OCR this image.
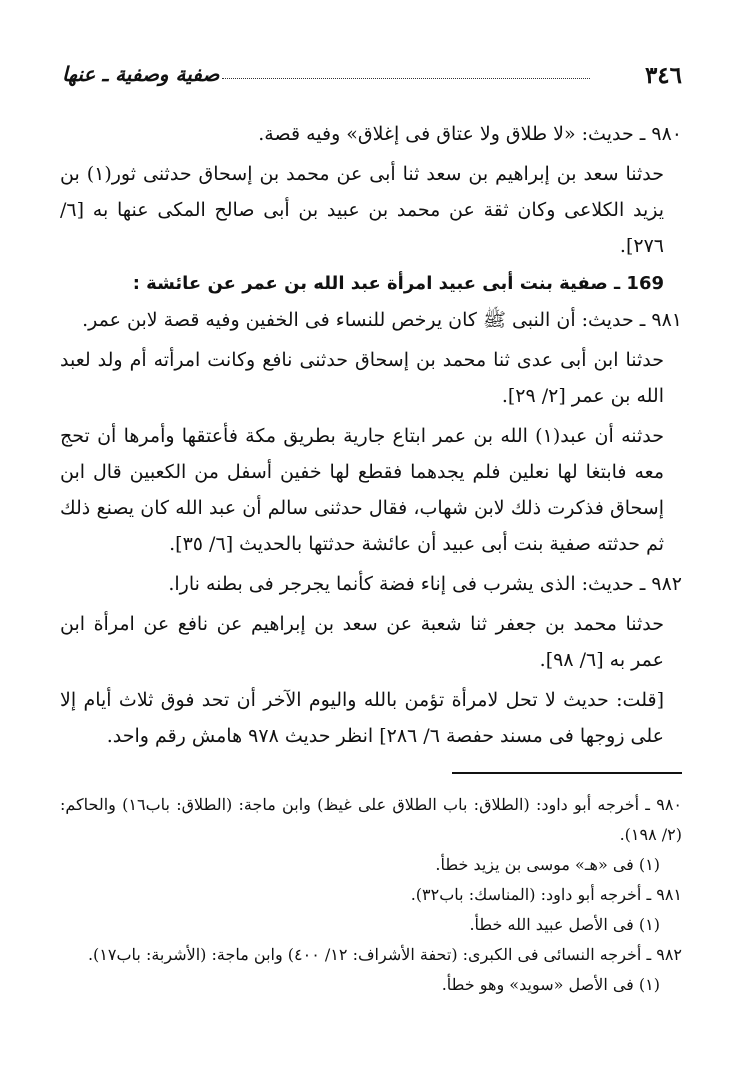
٣٤٦
صفية وصفية ـ عنها

٩٨٠ ـ حديث: «لا طلاق ولا عتاق فى إغلاق» وفيه قصة.

حدثنا سعد بن إبراهيم بن سعد ثنا أبى عن محمد بن إسحاق حدثنى ثور(١) بن يزيد الكلاعى وكان ثقة عن محمد بن عبيد بن أبى صالح المكى عنها به [٦/ ٢٧٦].

169 ـ صفية بنت أبى عبيد امرأة عبد الله بن عمر عن عائشة :

٩٨١ ـ حديث: أن النبى ﷺ كان يرخص للنساء فى الخفين وفيه قصة لابن عمر.

حدثنا ابن أبى عدى ثنا محمد بن إسحاق حدثنى نافع وكانت امرأته أم ولد لعبد الله بن عمر [٢/ ٢٩].

حدثنه أن عبد(١) الله بن عمر ابتاع جارية بطريق مكة فأعتقها وأمرها أن تحج معه فابتغا لها نعلين فلم يجدهما فقطع لها خفين أسفل من الكعبين قال ابن إسحاق فذكرت ذلك لابن شهاب، فقال حدثنى سالم أن عبد الله كان يصنع ذلك ثم حدثته صفية بنت أبى عبيد أن عائشة حدثتها بالحديث [٦/ ٣٥].

٩٨٢ ـ حديث: الذى يشرب فى إناء فضة كأنما يجرجر فى بطنه نارا.

حدثنا محمد بن جعفر ثنا شعبة عن سعد بن إبراهيم عن نافع عن امرأة ابن عمر به [٦/ ٩٨].

[قلت: حديث لا تحل لامرأة تؤمن بالله واليوم الآخر أن تحد فوق ثلاث أيام إلا على زوجها فى مسند حفصة ٦/ ٢٨٦] انظر حديث ٩٧٨ هامش رقم واحد.

٩٨٠ ـ أخرجه أبو داود: (الطلاق: باب الطلاق على غيظ) وابن ماجة: (الطلاق: باب١٦) والحاكم: (٢/ ١٩٨).

(١) فى «هـ» موسى بن يزيد خطأ.

٩٨١ ـ أخرجه أبو داود: (المناسك: باب٣٢).

(١) فى الأصل عبيد الله خطأ.

٩٨٢ ـ أخرجه النسائى فى الكبرى: (تحفة الأشراف: ١٢/ ٤٠٠) وابن ماجة: (الأشربة: باب١٧).

(١) فى الأصل «سويد» وهو خطأ.
